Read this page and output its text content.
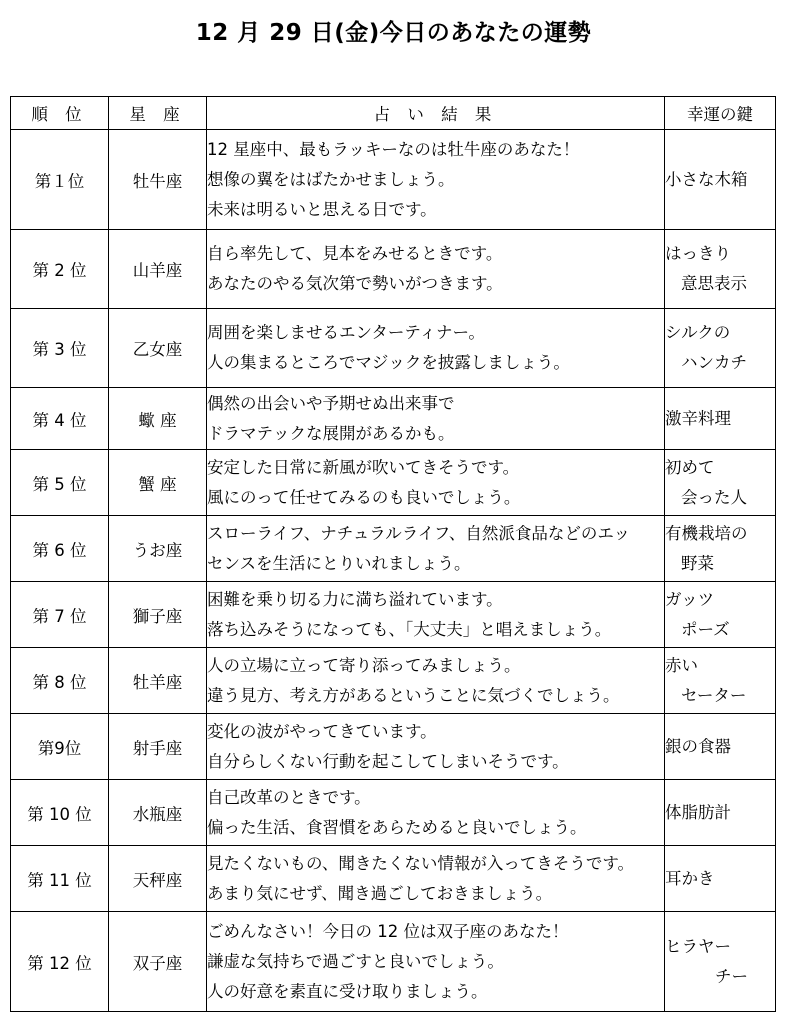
12 月 29 日(金)今日のあなたの運勢
順 位	星 座	占 い 結 果	幸運の鍵
第１位	牡牛座	12 星座中、最もラッキーなのは牡牛座のあなた！
想像の翼をはばたかせましょう。
未来は明るいと思える日です。	小さな木箱

第 2 位	山羊座	自ら率先して、見本をみせるときです。
あなたのやる気次第で勢いがつきます。	はっきり
意思表示

第 3 位	乙女座	周囲を楽しませるエンターティナー。
人の集まるところでマジックを披露しましょう。	シルクの
ハンカチ

第 4 位	蠍 座	偶然の出会いや予期せぬ出来事で
ドラマテックな展開があるかも。	激辛料理

第 5 位	蟹 座	安定した日常に新風が吹いてきそうです。
風にのって任せてみるのも良いでしょう。	初めて
会った人

第 6 位	うお座	スローライフ、ナチュラルライフ、自然派食品などのエッ
センスを生活にとりいれましょう。	有機栽培の
野菜

第 7 位	獅子座	困難を乗り切る力に満ち溢れています。
落ち込みそうになっても、「大丈夫」と唱えましょう。	ガッツ
ポーズ

第 8 位	牡羊座	人の立場に立って寄り添ってみましょう。
違う見方、考え方があるということに気づくでしょう。	赤い
セーター

第9位	射手座	変化の波がやってきています。
自分らしくない行動を起こしてしまいそうです。	銀の食器

第 10 位	水瓶座	自己改革のときです。
偏った生活、食習慣をあらためると良いでしょう。	体脂肪計

第 11 位	天秤座	見たくないもの、聞きたくない情報が入ってきそうです。
あまり気にせず、聞き過ごしておきましょう。	耳かき

第 12 位	双子座	ごめんなさい！今日の 12 位は双子座のあなた！
謙虚な気持ちで過ごすと良いでしょう。
人の好意を素直に受け取りましょう。	ヒラヤー
チー
